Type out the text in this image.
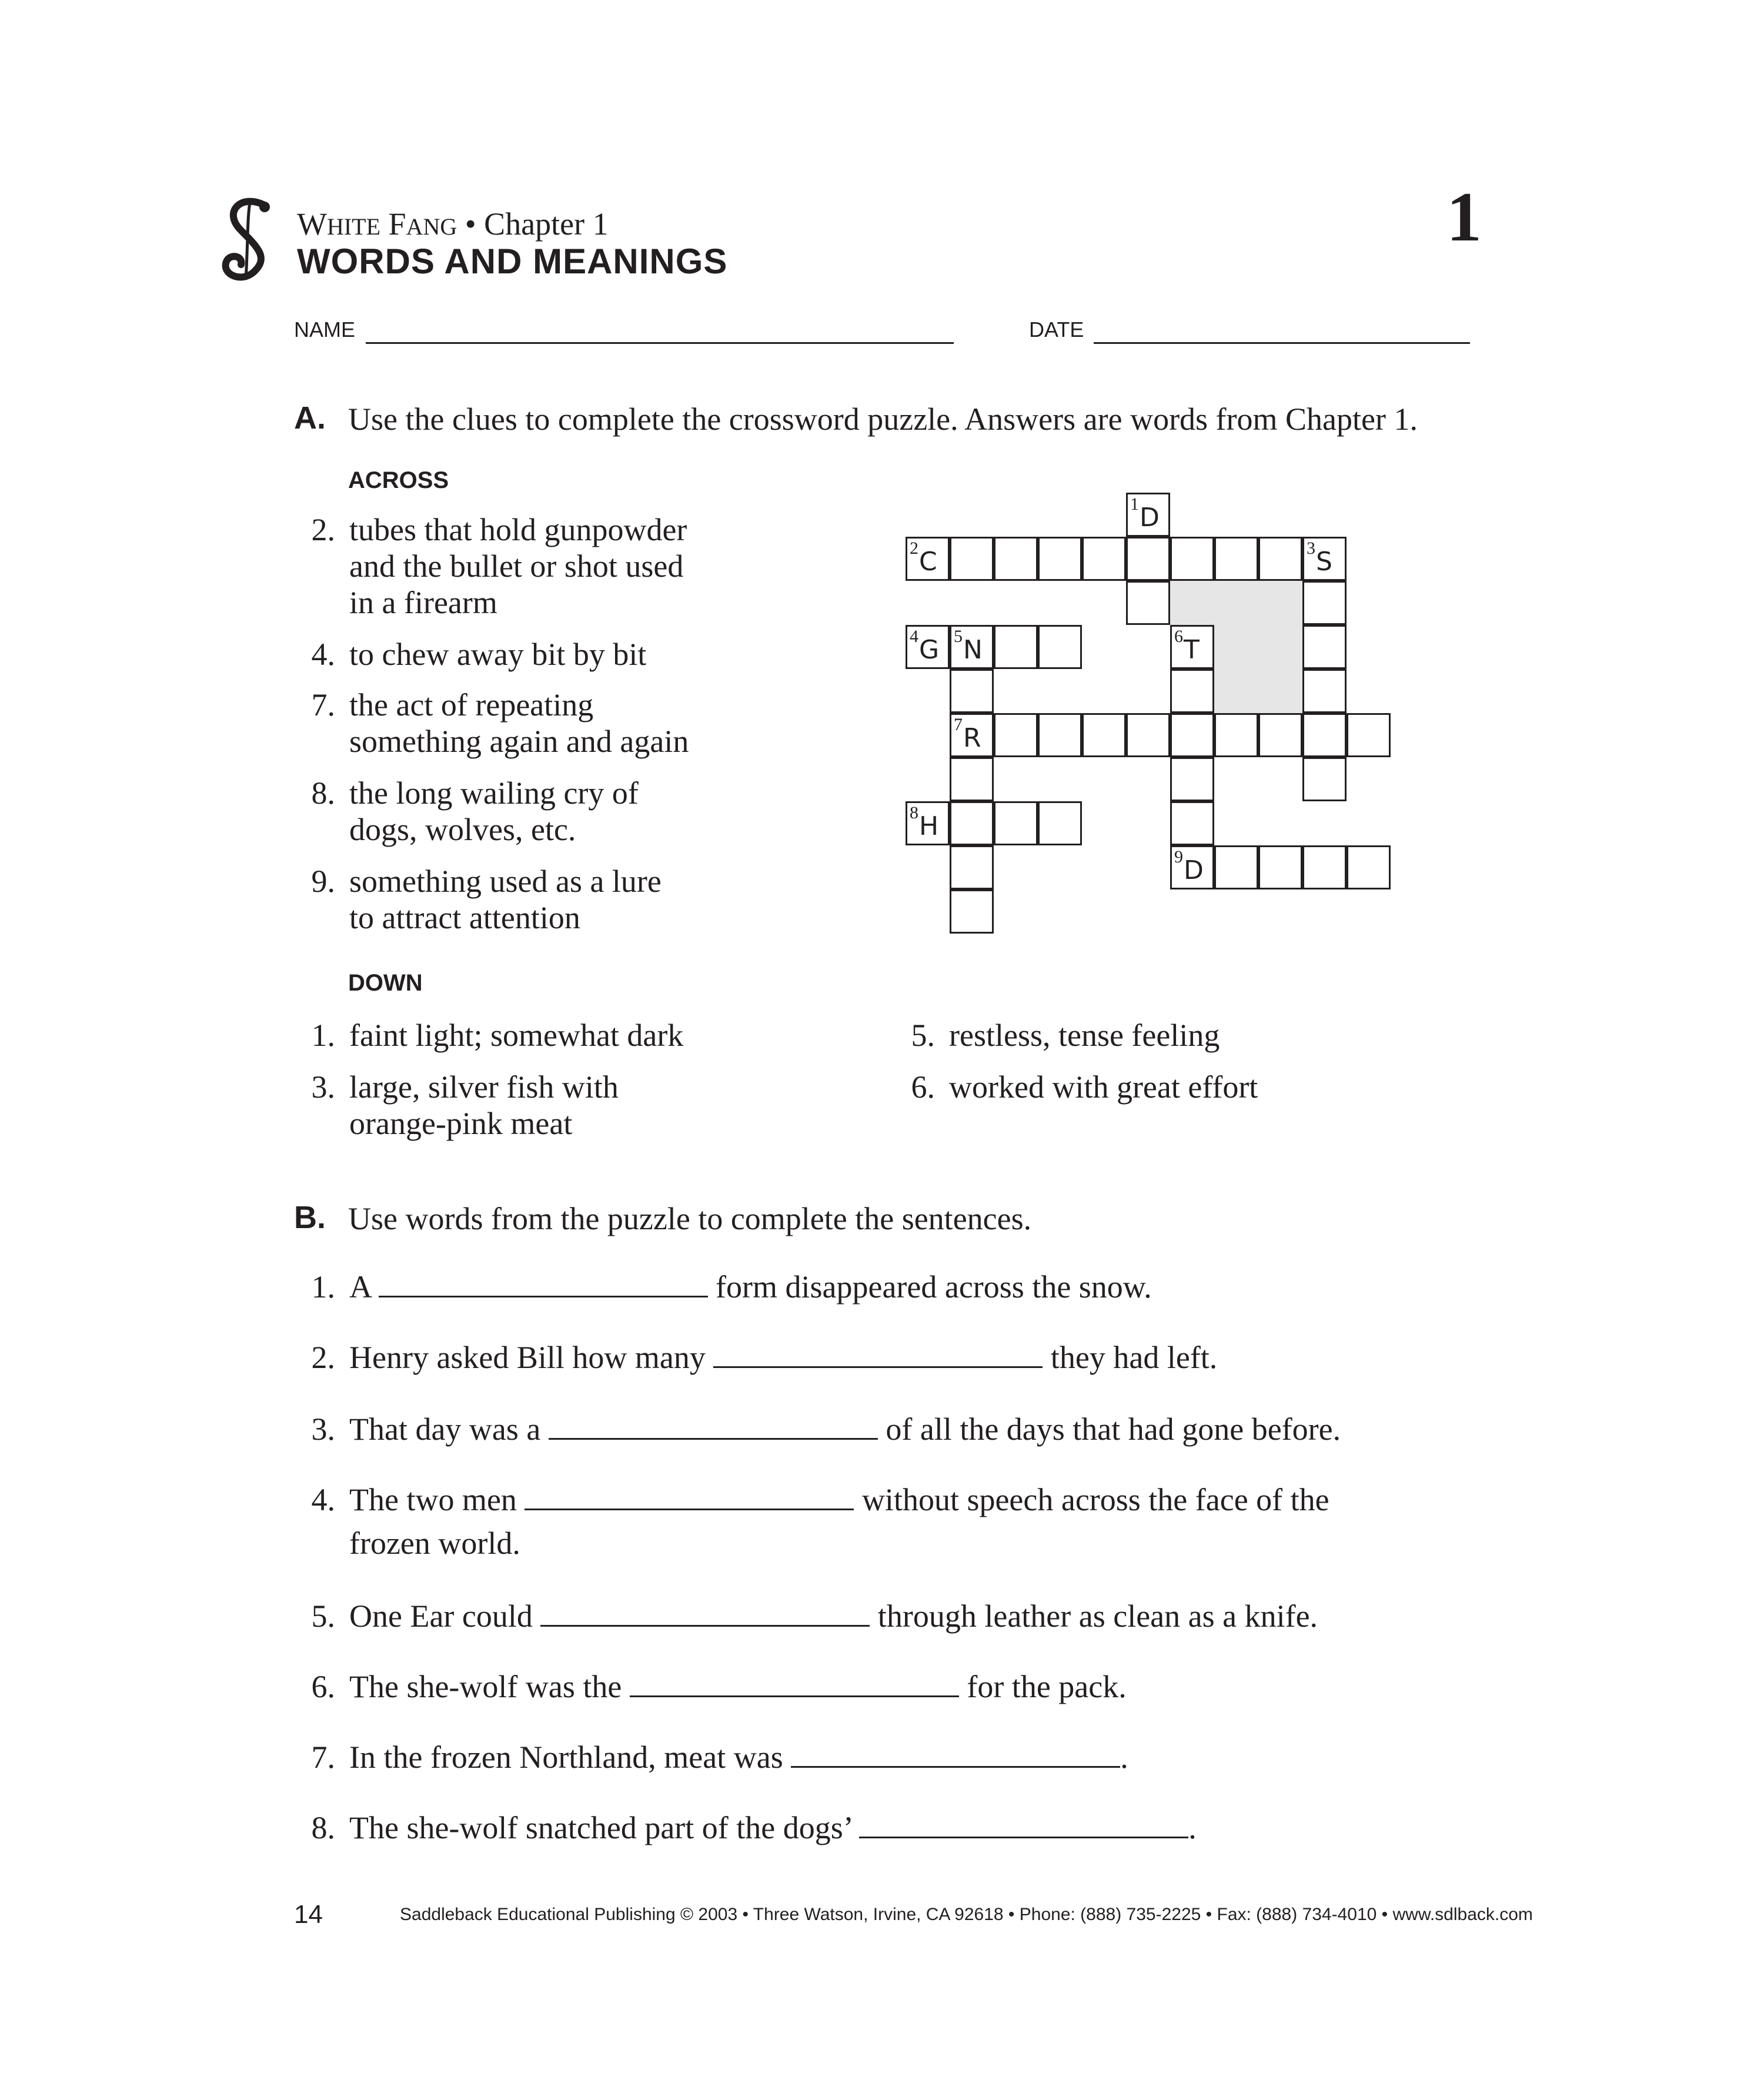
WHITE FANG • Chapter 1
WORDS AND MEANINGS
1
NAME	DATE
A. Use the clues to complete the crossword puzzle. Answers are words from Chapter 1.
ACROSS
2. tubes that hold gunpowder
and the bullet or shot used
in a firearm
4. to chew away bit by bit
7. the act of repeating
something again and again
8. the long wailing cry of
dogs, wolves, etc.
9. something used as a lure
to attract attention
DOWN
1. faint light; somewhat dark
3. large, silver fish with
orange-pink meat
5. restless, tense feeling
6. worked with great effort
1 D
2 C	3 S
4 G 5 N	6 T
7 R
8 H
9 D
B. Use words from the puzzle to complete the sentences.
1. A	form disappeared across the snow.
2. Henry asked Bill how many	they had left.
3. That day was a	of all the days that had gone before.
4. The two men	without speech across the face of the
frozen world.
5. One Ear could	through leather as clean as a knife.
6. The she-wolf was the	for the pack.
7. In the frozen Northland, meat was	.
8. The she-wolf snatched part of the dogs’	.
14	Saddleback Educational Publishing © 2003 • Three Watson, Irvine, CA 92618 • Phone: (888) 735-2225 • Fax: (888) 734-4010 • www.sdlback.com
